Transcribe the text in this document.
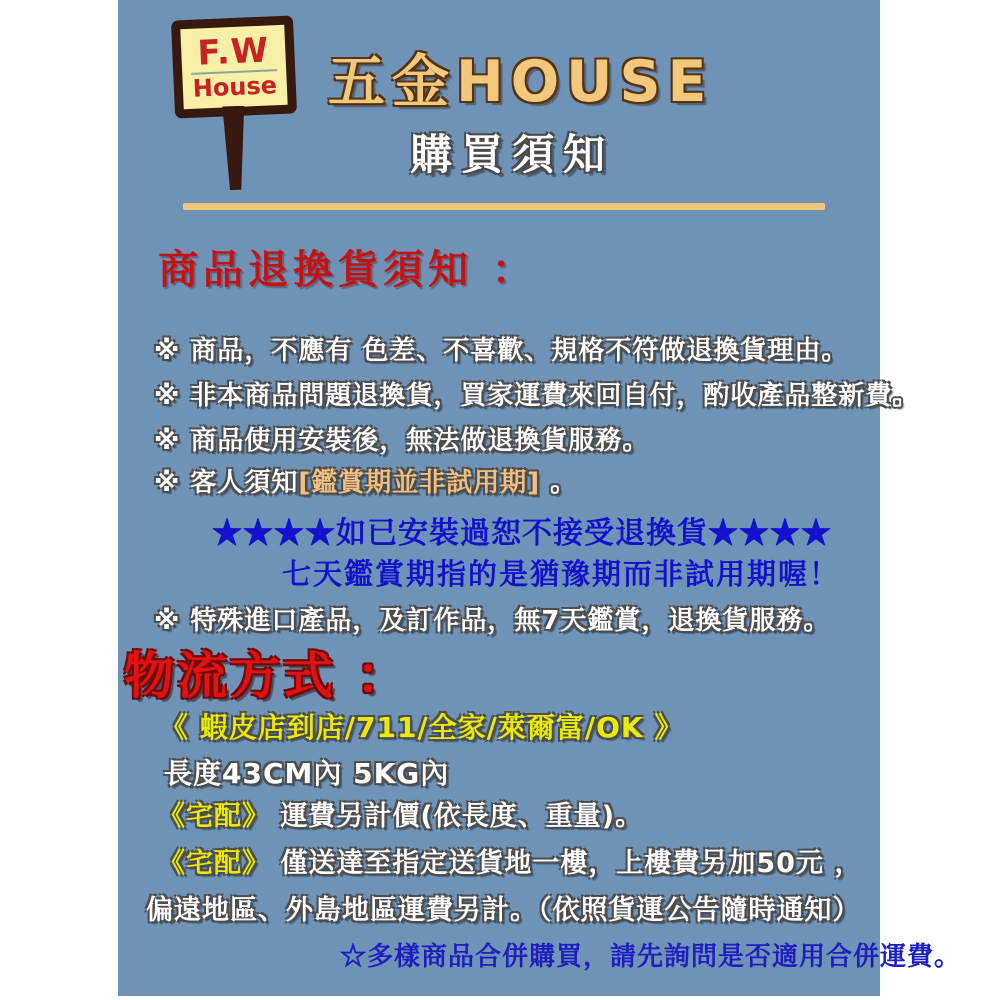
F.W
House 五金HOUSE
購買須知
商品退換貨須知 ：
※ 商品，不應有 色差、不喜歡、規格不符做退換貨理由。
※ 非本商品問題退換貨，買家運費來回自付，酌收產品整新費。
※ 商品使用安裝後，無法做退換貨服務。
※ 客人須知[鑑賞期並非試用期] 。
★★★★如已安裝過恕不接受退換貨★★★★
七天鑑賞期指的是猶豫期而非試用期喔！
※ 特殊進口產品，及訂作品，無7天鑑賞，退換貨服務。
物流方式 ：
《 蝦皮店到店/711/全家/萊爾富/OK 》
長度43CM內 5KG內
《宅配》 運費另計價(依長度、重量)。
《宅配》 僅送達至指定送貨地一樓，上樓費另加50元 ，
偏遠地區、外島地區運費另計。（依照貨運公告隨時通知）
☆多樣商品合併購買，請先詢問是否適用合併運費。
